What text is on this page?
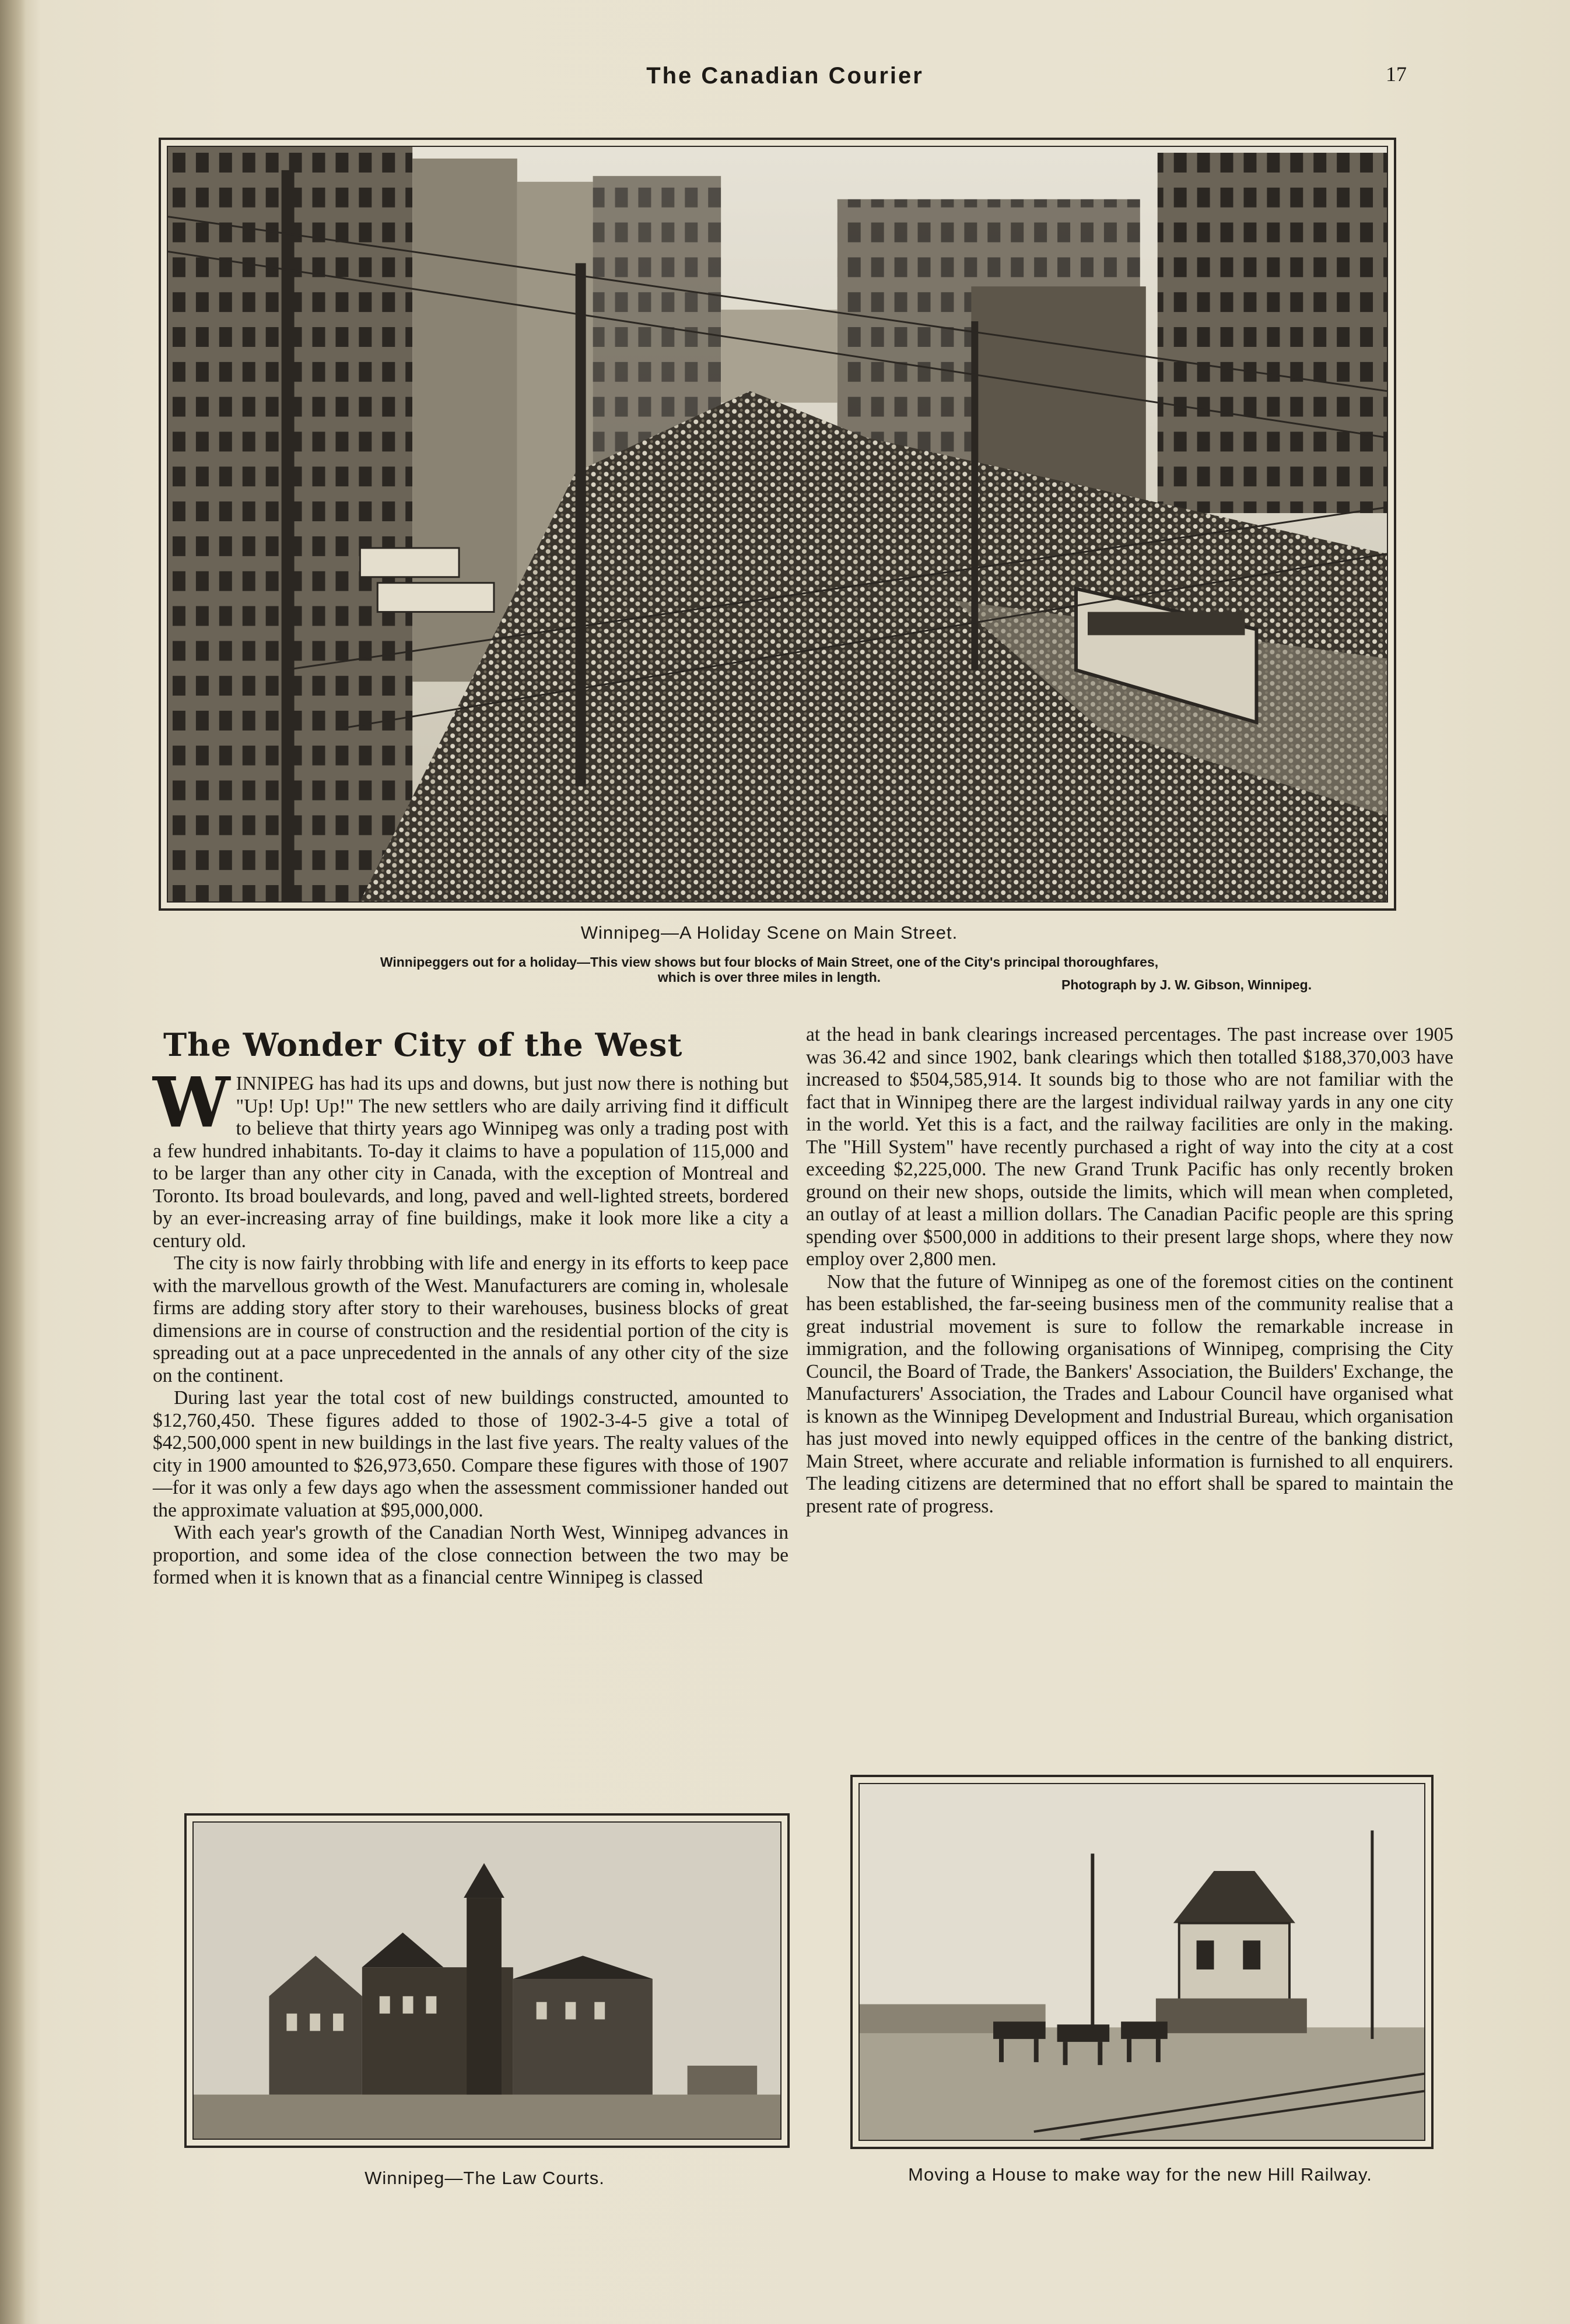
The Canadian Courier	17
Winnipeg—A Holiday Scene on Main Street.
Winnipeggers out for a holiday—This view shows but four blocks of Main Street, one of the City's principal thoroughfares,
which is over three miles in length.	Photograph by J. W. Gibson, Winnipeg.
The Wonder City of the West

WINNIPEG has had its ups and downs, but just now there is nothing but "Up! Up! Up!" The new settlers who are daily arriving find it difficult to believe that thirty years ago Winnipeg was only a trading post with a few hundred inhabitants. To-day it claims to have a population of 115,000 and to be larger than any other city in Canada, with the exception of Montreal and Toronto. Its broad boulevards, and long, paved and well-lighted streets, bordered by an ever-increasing array of fine buildings, make it look more like a city a century old.

The city is now fairly throbbing with life and energy in its efforts to keep pace with the marvellous growth of the West. Manufacturers are coming in, wholesale firms are adding story after story to their warehouses, business blocks of great dimensions are in course of construction and the residential portion of the city is spreading out at a pace unprecedented in the annals of any other city of the size on the continent.

During last year the total cost of new buildings constructed, amounted to $12,760,450. These figures added to those of 1902-3-4-5 give a total of $42,500,000 spent in new buildings in the last five years. The realty values of the city in 1900 amounted to $26,973,650. Compare these figures with those of 1907—for it was only a few days ago when the assessment commissioner handed out the approximate valuation at $95,000,000.

With each year's growth of the Canadian North West, Winnipeg advances in proportion, and some idea of the close connection between the two may be formed when it is known that as a financial centre Winnipeg is classed

at the head in bank clearings increased percentages. The past increase over 1905 was 36.42 and since 1902, bank clearings which then totalled $188,370,003 have increased to $504,585,914. It sounds big to those who are not familiar with the fact that in Winnipeg there are the largest individual railway yards in any one city in the world. Yet this is a fact, and the railway facilities are only in the making. The "Hill System" have recently purchased a right of way into the city at a cost exceeding $2,225,000. The new Grand Trunk Pacific has only recently broken ground on their new shops, outside the limits, which will mean when completed, an outlay of at least a million dollars. The Canadian Pacific people are this spring spending over $500,000 in additions to their present large shops, where they now employ over 2,800 men.

Now that the future of Winnipeg as one of the foremost cities on the continent has been established, the far-seeing business men of the community realise that a great industrial movement is sure to follow the remarkable increase in immigration, and the following organisations of Winnipeg, comprising the City Council, the Board of Trade, the Bankers' Association, the Builders' Exchange, the Manufacturers' Association, the Trades and Labour Council have organised what is known as the Winnipeg Development and Industrial Bureau, which organisation has just moved into newly equipped offices in the centre of the banking district, Main Street, where accurate and reliable information is furnished to all enquirers. The leading citizens are determined that no effort shall be spared to maintain the present rate of progress.

Winnipeg—The Law Courts.	Moving a House to make way for the new Hill Railway.
